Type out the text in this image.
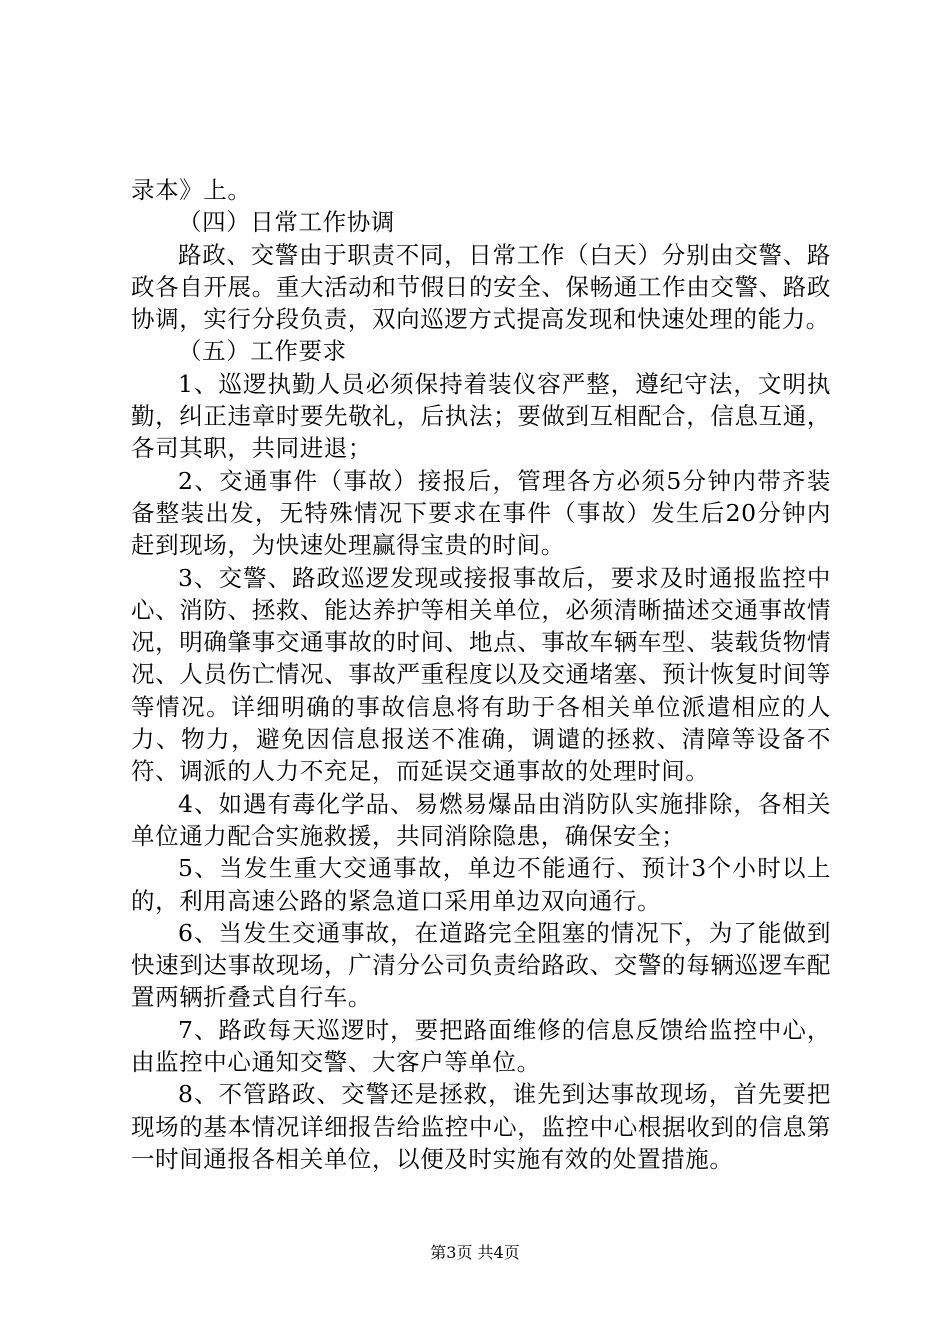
录本》上。

（四）日常工作协调

路政、交警由于职责不同，日常工作（白天）分别由交警、路政各自开展。重大活动和节假日的安全、保畅通工作由交警、路政协调，实行分段负责，双向巡逻方式提高发现和快速处理的能力。

（五）工作要求

1、巡逻执勤人员必须保持着装仪容严整，遵纪守法，文明执勤，纠正违章时要先敬礼，后执法；要做到互相配合，信息互通，各司其职，共同进退；

2、交通事件（事故）接报后，管理各方必须5分钟内带齐装备整装出发，无特殊情况下要求在事件（事故）发生后20分钟内赶到现场，为快速处理赢得宝贵的时间。

3、交警、路政巡逻发现或接报事故后，要求及时通报监控中心、消防、拯救、能达养护等相关单位，必须清晰描述交通事故情况，明确肇事交通事故的时间、地点、事故车辆车型、装载货物情况、人员伤亡情况、事故严重程度以及交通堵塞、预计恢复时间等等情况。详细明确的事故信息将有助于各相关单位派遣相应的人力、物力，避免因信息报送不准确，调谴的拯救、清障等设备不符、调派的人力不充足，而延误交通事故的处理时间。

4、如遇有毒化学品、易燃易爆品由消防队实施排除，各相关单位通力配合实施救援，共同消除隐患，确保安全；

5、当发生重大交通事故，单边不能通行、预计3个小时以上的，利用高速公路的紧急道口采用单边双向通行。

6、当发生交通事故，在道路完全阻塞的情况下，为了能做到快速到达事故现场，广清分公司负责给路政、交警的每辆巡逻车配置两辆折叠式自行车。

7、路政每天巡逻时，要把路面维修的信息反馈给监控中心，由监控中心通知交警、大客户等单位。

8、不管路政、交警还是拯救，谁先到达事故现场，首先要把现场的基本情况详细报告给监控中心，监控中心根据收到的信息第一时间通报各相关单位，以便及时实施有效的处置措施。

第3页 共4页
